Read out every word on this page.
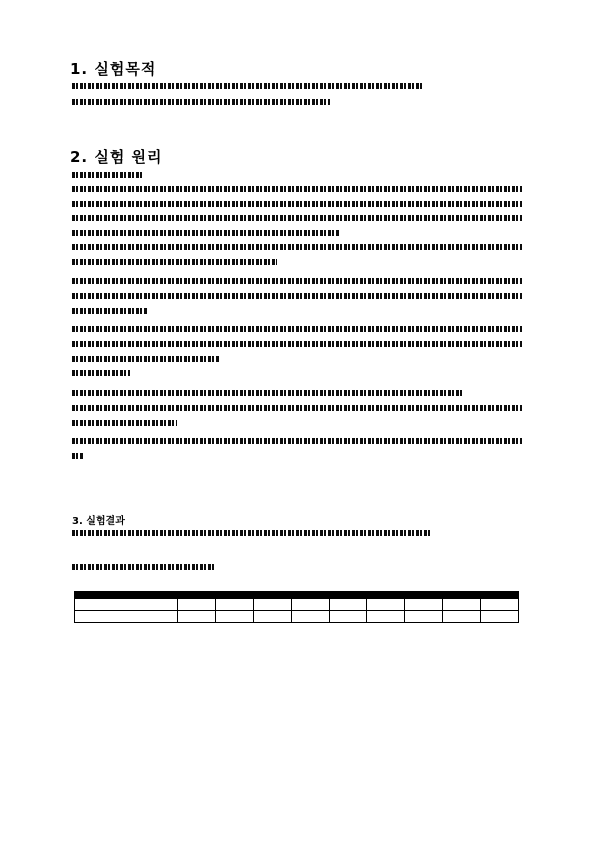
1. 실험목적
2. 실험 원리
3. 실험결과
